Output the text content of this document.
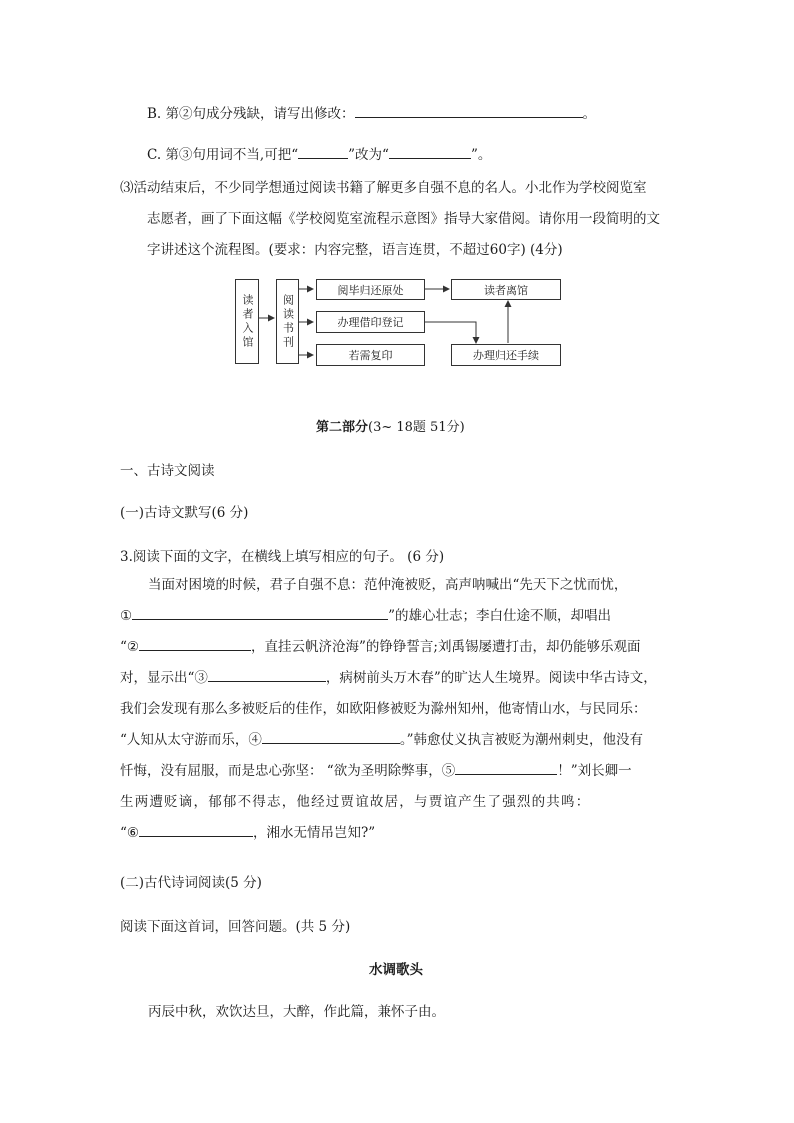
B. 第②句成分残缺，请写出修改：	。
C. 第③句用词不当,可把“	”改为“	”。
⑶活动结束后，不少同学想通过阅读书籍了解更多自强不息的名人。小北作为学校阅览室
志愿者，画了下面这幅《学校阅览室流程示意图》指导大家借阅。请你用一段简明的文
字讲述这个流程图。(要求：内容完整，语言连贯，不超过60字) (4分)
读者入馆	阅读书刊
阅毕归还原处	读者离馆
办理借印登记
若需复印	办理归还手续
第二部分(3~ 18题 51分)
一、古诗文阅读
(一)古诗文默写(6 分)
3.阅读下面的文字，在横线上填写相应的句子。 (6 分)
当面对困境的时候，君子自强不息：范仲淹被贬，高声呐喊出“先天下之忧而忧，
①	”的雄心壮志；李白仕途不顺，却唱出
“②	，直挂云帆济沧海”的铮铮誓言;刘禹锡屡遭打击，却仍能够乐观面
对，显示出“③	，病树前头万木春”的旷达人生境界。阅读中华古诗文，
我们会发现有那么多被贬后的佳作，如欧阳修被贬为滁州知州，他寄情山水，与民同乐：
“人知从太守游而乐，④	。”韩愈仗义执言被贬为潮州刺史，他没有
忏悔，没有屈服，而是忠心弥坚： “欲为圣明除弊事，⑤	！”刘长卿一
生两遭贬谪，郁郁不得志，他经过贾谊故居，与贾谊产生了强烈的共鸣：
“⑥	，湘水无情吊岂知?”
(二)古代诗词阅读(5 分)
阅读下面这首词，回答问题。(共 5 分)
水调歌头
丙辰中秋，欢饮达旦，大醉，作此篇，兼怀子由。
